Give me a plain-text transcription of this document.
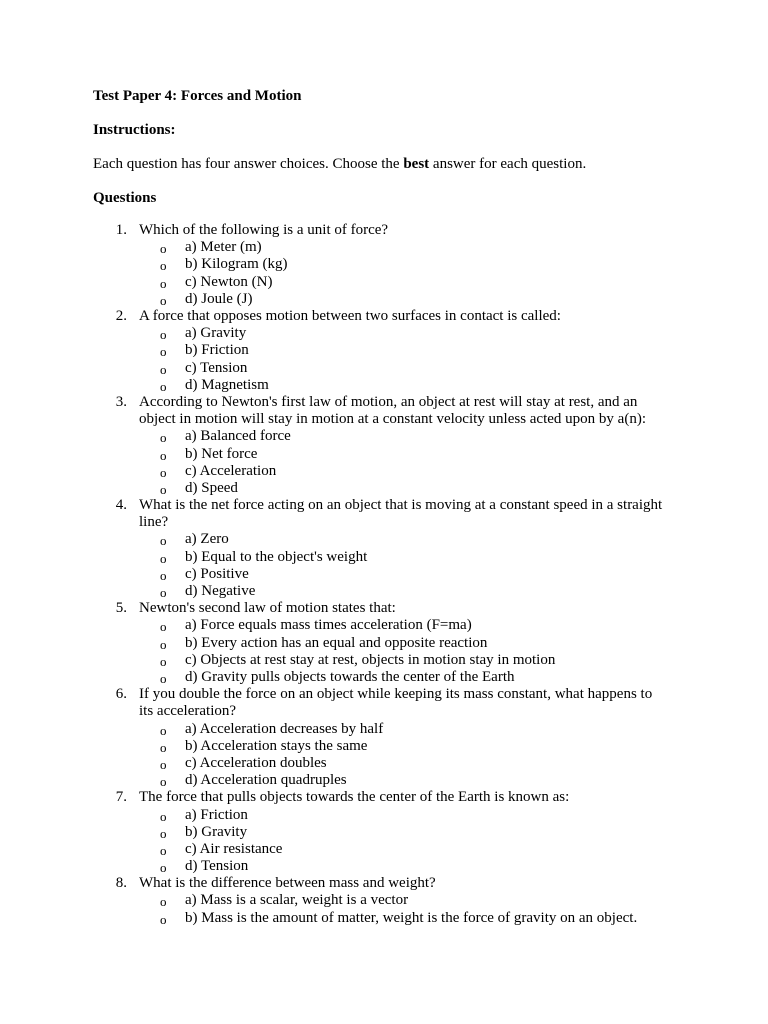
Test Paper 4: Forces and Motion
Instructions:
Each question has four answer choices. Choose the best answer for each question.
Questions
1. Which of the following is a unit of force?
o a) Meter (m)
o b) Kilogram (kg)
o c) Newton (N)
o d) Joule (J)
2. A force that opposes motion between two surfaces in contact is called:
o a) Gravity
o b) Friction
o c) Tension
o d) Magnetism
3. According to Newton's first law of motion, an object at rest will stay at rest, and an object in motion will stay in motion at a constant velocity unless acted upon by a(n):
o a) Balanced force
o b) Net force
o c) Acceleration
o d) Speed
4. What is the net force acting on an object that is moving at a constant speed in a straight line?
o a) Zero
o b) Equal to the object's weight
o c) Positive
o d) Negative
5. Newton's second law of motion states that:
o a) Force equals mass times acceleration (F=ma)
o b) Every action has an equal and opposite reaction
o c) Objects at rest stay at rest, objects in motion stay in motion
o d) Gravity pulls objects towards the center of the Earth
6. If you double the force on an object while keeping its mass constant, what happens to its acceleration?
o a) Acceleration decreases by half
o b) Acceleration stays the same
o c) Acceleration doubles
o d) Acceleration quadruples
7. The force that pulls objects towards the center of the Earth is known as:
o a) Friction
o b) Gravity
o c) Air resistance
o d) Tension
8. What is the difference between mass and weight?
o a) Mass is a scalar, weight is a vector
o b) Mass is the amount of matter, weight is the force of gravity on an object.
